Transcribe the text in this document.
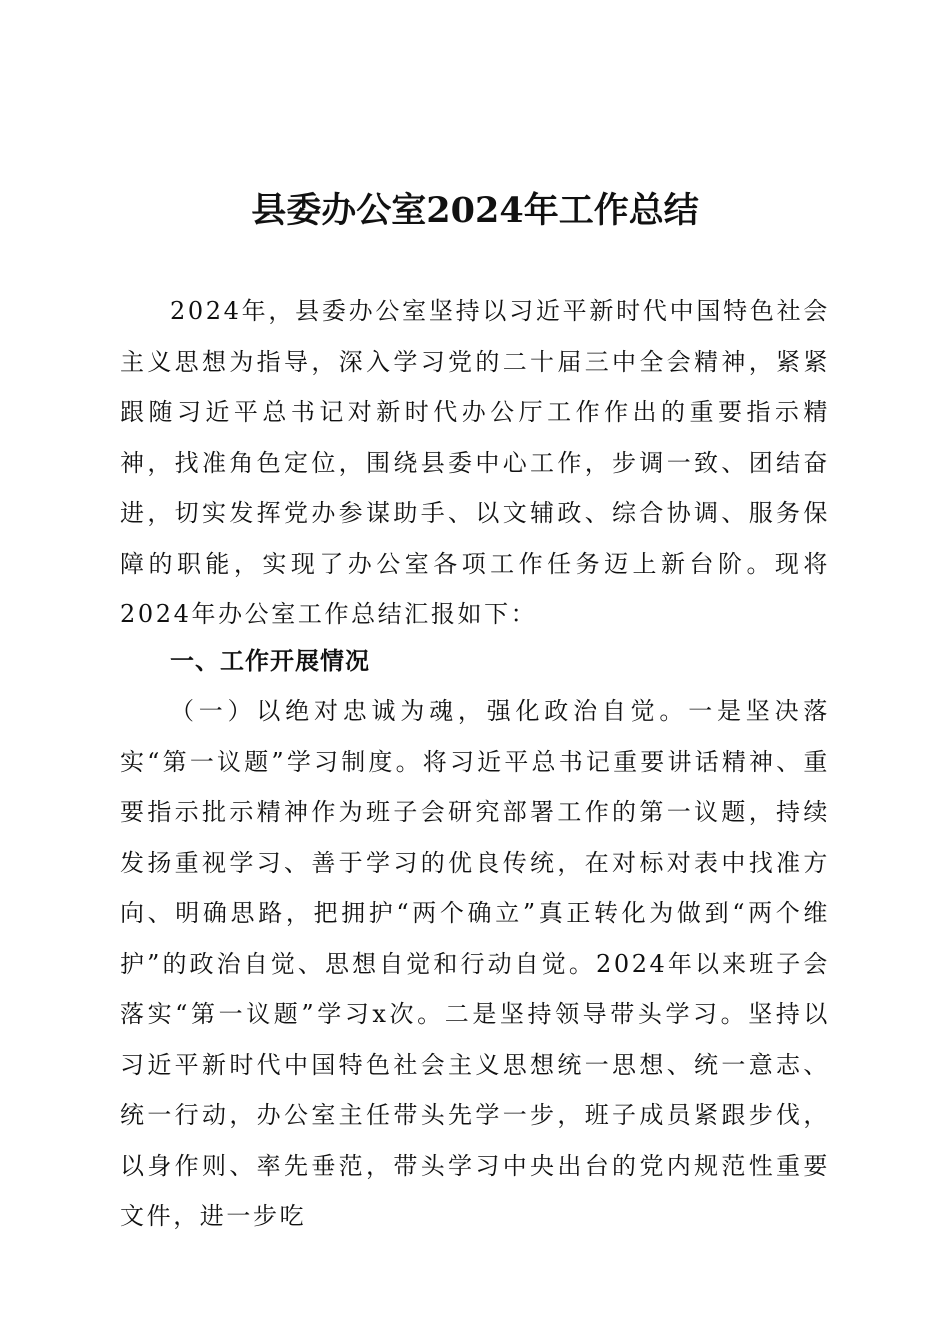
县委办公室2024年工作总结

2024年，县委办公室坚持以习近平新时代中国特色社会主义思想为指导，深入学习党的二十届三中全会精神，紧紧跟随习近平总书记对新时代办公厅工作作出的重要指示精神，找准角色定位，围绕县委中心工作，步调一致、团结奋进，切实发挥党办参谋助手、以文辅政、综合协调、服务保障的职能，实现了办公室各项工作任务迈上新台阶。现将2024年办公室工作总结汇报如下：

一、工作开展情况

（一）以绝对忠诚为魂，强化政治自觉。一是坚决落实“第一议题”学习制度。将习近平总书记重要讲话精神、重要指示批示精神作为班子会研究部署工作的第一议题，持续发扬重视学习、善于学习的优良传统，在对标对表中找准方向、明确思路，把拥护“两个确立”真正转化为做到“两个维护”的政治自觉、思想自觉和行动自觉。2024年以来班子会落实“第一议题”学习x次。二是坚持领导带头学习。坚持以习近平新时代中国特色社会主义思想统一思想、统一意志、统一行动，办公室主任带头先学一步，班子成员紧跟步伐，以身作则、率先垂范，带头学习中央出台的党内规范性重要文件，进一步吃
